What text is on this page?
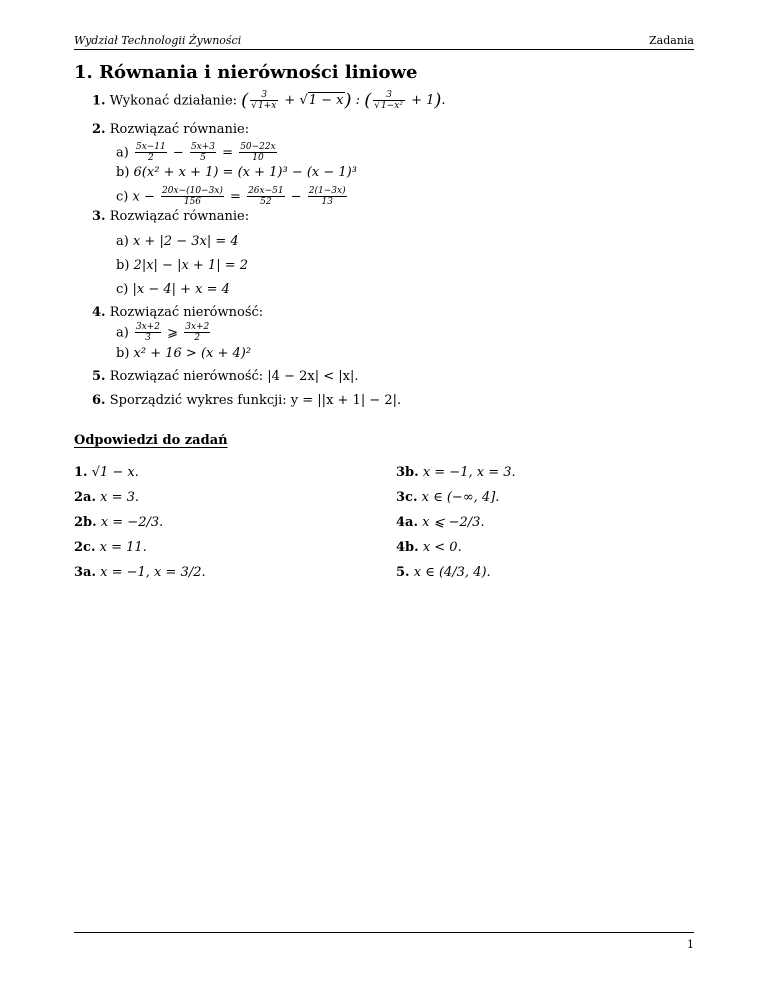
Wydział Technologii Żywności	Zadania
1. Równania i nierówności liniowe
1. Wykonać działanie: ( $\frac{3}{√1+x} + √1 - x$) : ( $\frac{3}{\text{√1−x²}} + 1$).
2. Rozwiązać równanie:
$a) \frac{5x-11}{2} - \frac{5x+3}{5} = \frac{50-22x}{10}$
b) 6(x² + x + 1) = (x + 1)³ − (x − 1)³
c) $x - \frac{20x-(10-3x)}{156} = \frac{26x-51}{52} - \frac{2(1-3x)}{13}$
3. Rozwiązać równanie:
a) x + |2 − 3x| = 4
b) 2|x| − |x + 1| = 2
c) |x − 4| + x = 4
4. Rozwiązać nierówność:
$a) \frac{3x+2}{3}$ ⩾ $\frac{3x+2}{2}$
b) x² + 16 > (x + 4)²
5. Rozwiązać nierówność: |4 − 2x| < |x|.
6. Sporządzić wykres funkcji: y = ||x + 1| − 2|.
Odpowiedzi do zadań
1. √1 − x.
2a. x = 3.
2b. x = −2/3.
2c. x = 11.
3a. x = −1, x = 3/2.
3b. x = −1, x = 3.
3c. x ∈ (−∞, 4].
4a. x ⩽ −2/3.
4b. x < 0.
5. x ∈ (4/3, 4).
1
